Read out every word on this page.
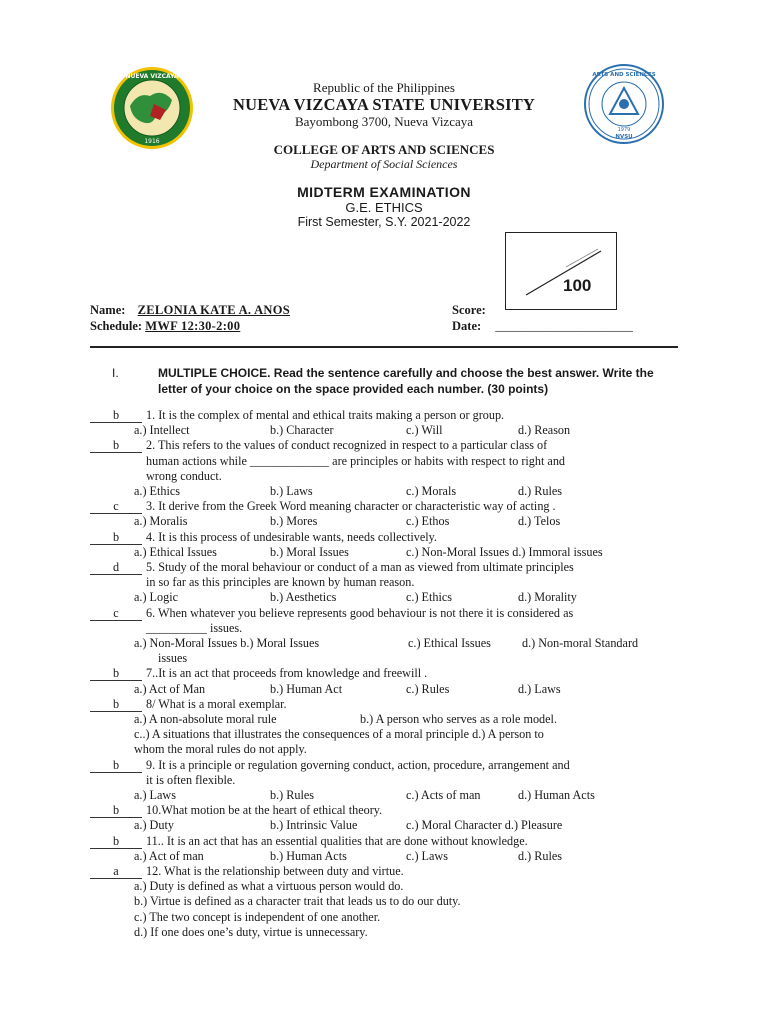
NUEVA VIZCAYA
1916
ARTS AND SCIENCES
1979
NVSU
Republic of the Philippines
NUEVA VIZCAYA STATE UNIVERSITY
Bayombong 3700, Nueva Vizcaya
COLLEGE OF ARTS AND SCIENCES
Department of Social Sciences
MIDTERM EXAMINATION
G.E. ETHICS
First Semester, S.Y. 2021-2022
100
Name: ZELONIA KATE A. ANOS
Schedule: MWF 12:30-2:00
Score:
Date: ______________________
I.	MULTIPLE CHOICE. Read the sentence carefully and choose the best answer. Write the letter of your choice on the space provided each number. (30 points)
b 1. It is the complex of mental and ethical traits making a person or group.
a.) Intellect	b.) Character	c.) Will	d.) Reason
b 2. This refers to the values of conduct recognized in respect to a particular class of
human actions while _____________ are principles or habits with respect to right and
wrong conduct.
a.) Ethics	b.) Laws	c.) Morals	d.) Rules
c 3. It derive from the Greek Word meaning character or characteristic way of acting .
a.) Moralis	b.) Mores	c.) Ethos	d.) Telos
b 4. It is this process of undesirable wants, needs collectively.
a.) Ethical Issues	b.) Moral Issues	c.) Non-Moral Issues d.) Immoral issues
d 5. Study of the moral behaviour or conduct of a man as viewed from ultimate principles
in so far as this principles are known by human reason.
a.) Logic	b.) Aesthetics	c.) Ethics	d.) Morality
c 6. When whatever you believe represents good behaviour is not there it is considered as
__________ issues.
a.) Non-Moral Issues b.) Moral Issues	c.) Ethical Issues	d.) Non-moral Standard
issues
b 7..It is an act that proceeds from knowledge and freewill .
a.) Act of Man	b.) Human Act	c.) Rules	d.) Laws
b 8/ What is a moral exemplar.
a.) A non-absolute moral rule	b.) A person who serves as a role model.
c..) A situations that illustrates the consequences of a moral principle d.) A person to
whom the moral rules do not apply.
b 9. It is a principle or regulation governing conduct, action, procedure, arrangement and
it is often flexible.
a.) Laws	b.) Rules	c.) Acts of man	d.) Human Acts
b 10.What motion be at the heart of ethical theory.
a.) Duty	b.) Intrinsic Value	c.) Moral Character d.) Pleasure
b 11.. It is an act that has an essential qualities that are done without knowledge.
a.) Act of man	b.) Human Acts	c.) Laws	d.) Rules
a 12. What is the relationship between duty and virtue.
a.) Duty is defined as what a virtuous person would do.
b.) Virtue is defined as a character trait that leads us to do our duty.
c.) The two concept is independent of one another.
d.) If one does one’s duty, virtue is unnecessary.
